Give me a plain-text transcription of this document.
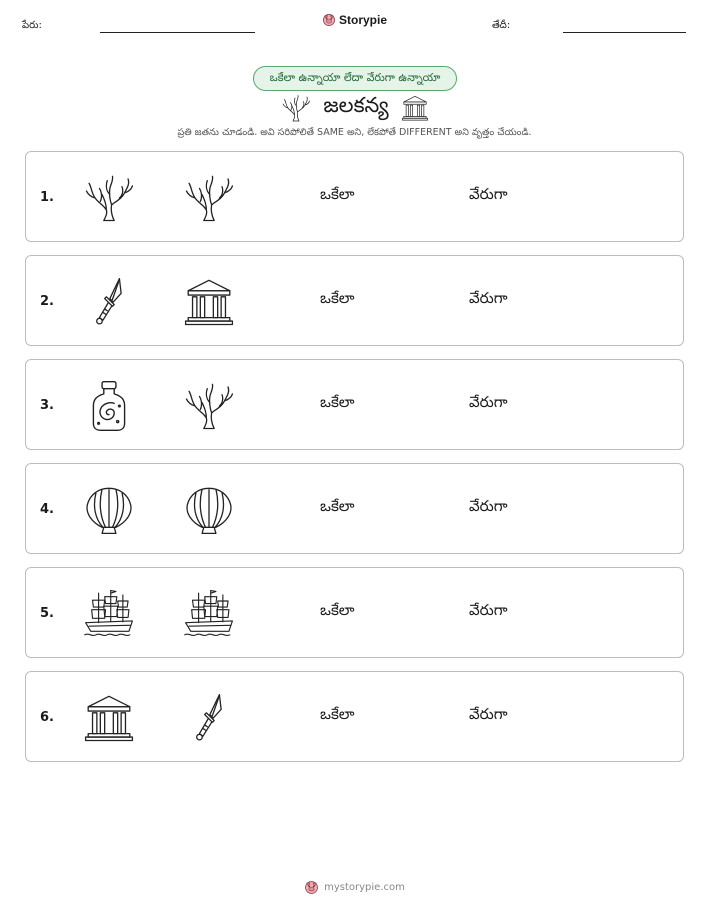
పేరు:	Storypie	తేదీ:
ఒకేలా ఉన్నాయా లేదా వేరుగా ఉన్నాయా
జలకన్య
ప్రతి జతను చూడండి. అవి సరిపోలితే SAME అని, లేకపోతే DIFFERENT అని వృత్తం చేయండి.
1.	ఒకేలా	వేరుగా
2.	ఒకేలా	వేరుగా
3.	ఒకేలా	వేరుగా
4.	ఒకేలా	వేరుగా
5.	ఒకేలా	వేరుగా
6.	ఒకేలా	వేరుగా
mystorypie.com
